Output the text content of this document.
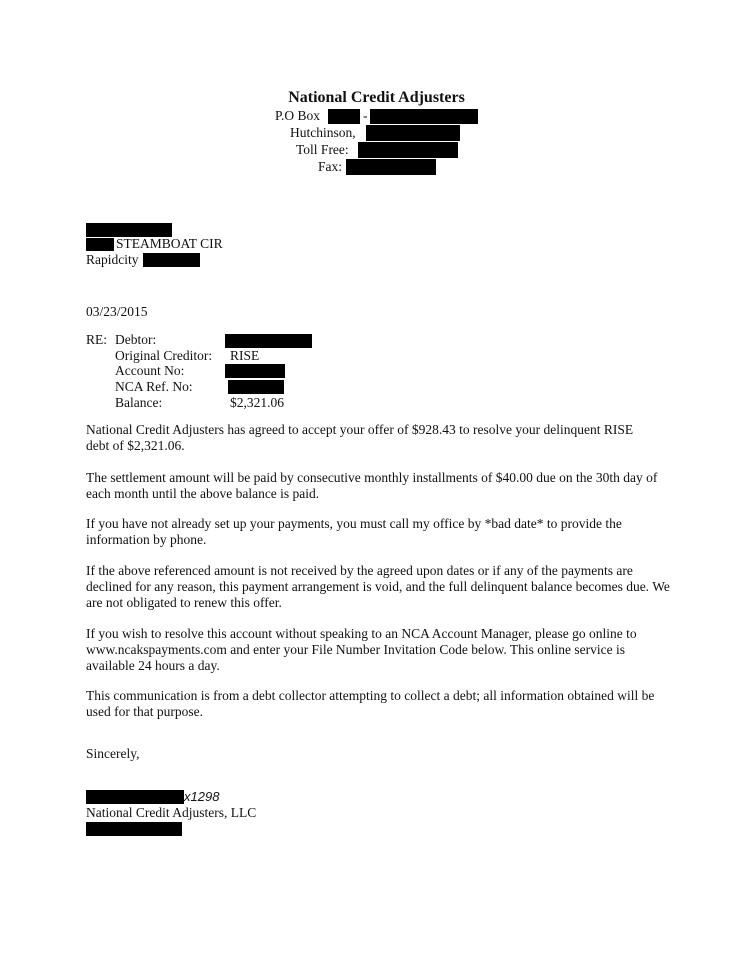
National Credit Adjusters
P.O Box	-
Hutchinson,
Toll Free:
Fax:
STEAMBOAT CIR
Rapidcity
03/23/2015
RE: Debtor:
Original Creditor: RISE
Account No:
NCA Ref. No:
Balance:	$2,321.06
National Credit Adjusters has agreed to accept your offer of $928.43 to resolve your delinquent RISE debt of $2,321.06.
The settlement amount will be paid by consecutive monthly installments of $40.00 due on the 30th day of each month until the above balance is paid.
If you have not already set up your payments, you must call my office by *bad date* to provide the information by phone.
If the above referenced amount is not received by the agreed upon dates or if any of the payments are declined for any reason, this payment arrangement is void, and the full delinquent balance becomes due. We are not obligated to renew this offer.
If you wish to resolve this account without speaking to an NCA Account Manager, please go online to www.ncakspayments.com and enter your File Number Invitation Code below. This online service is available 24 hours a day.
This communication is from a debt collector attempting to collect a debt; all information obtained will be used for that purpose.
Sincerely,
x1298
National Credit Adjusters, LLC
